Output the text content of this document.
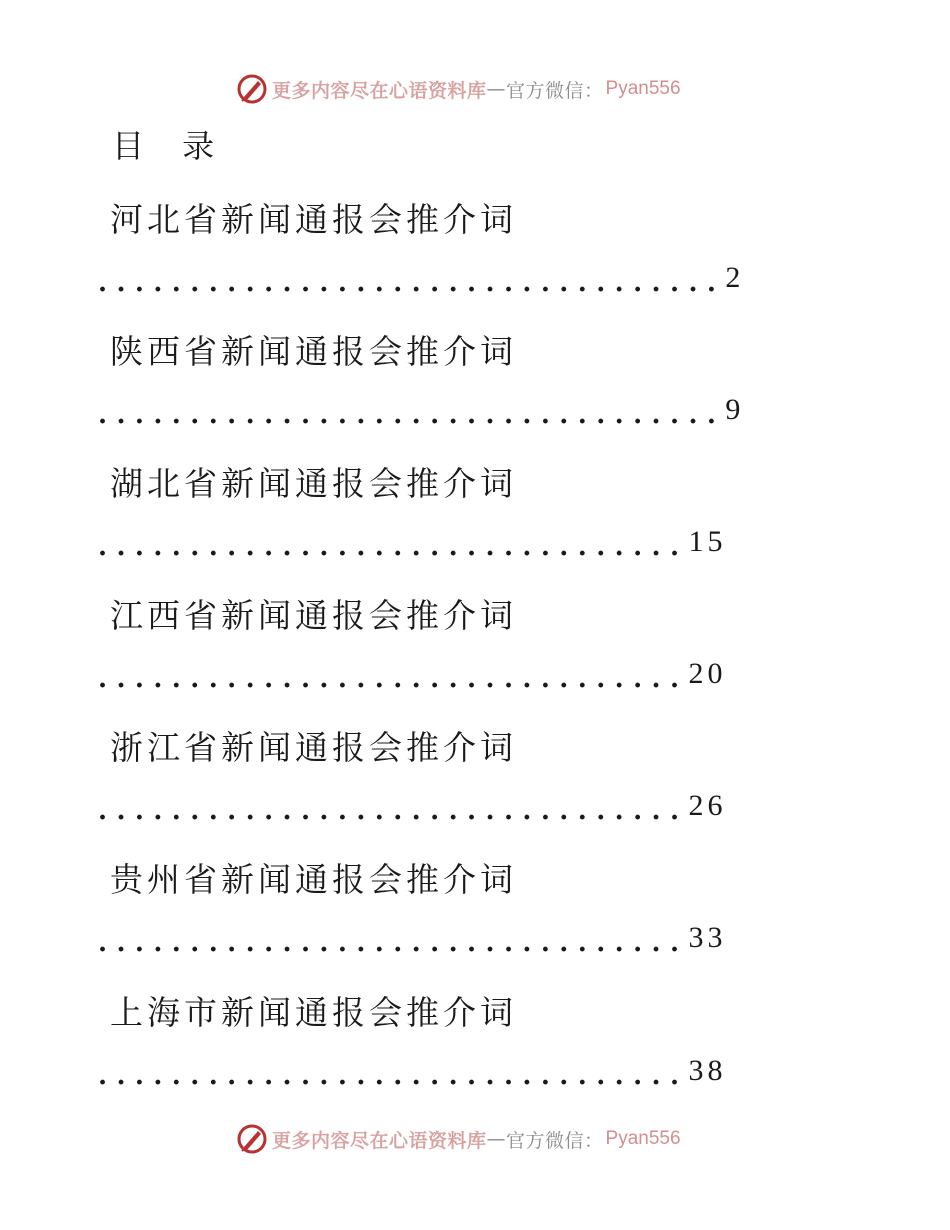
更多内容尽在心语资料库 — 官方微信： Pyan556
目 录
河北省新闻通报会推介词
.................................. 2
陕西省新闻通报会推介词
.................................. 9
湖北省新闻通报会推介词
................................ 15
江西省新闻通报会推介词
................................ 20
浙江省新闻通报会推介词
................................ 26
贵州省新闻通报会推介词
................................ 33
上海市新闻通报会推介词
................................ 38
更多内容尽在心语资料库 — 官方微信： Pyan556
